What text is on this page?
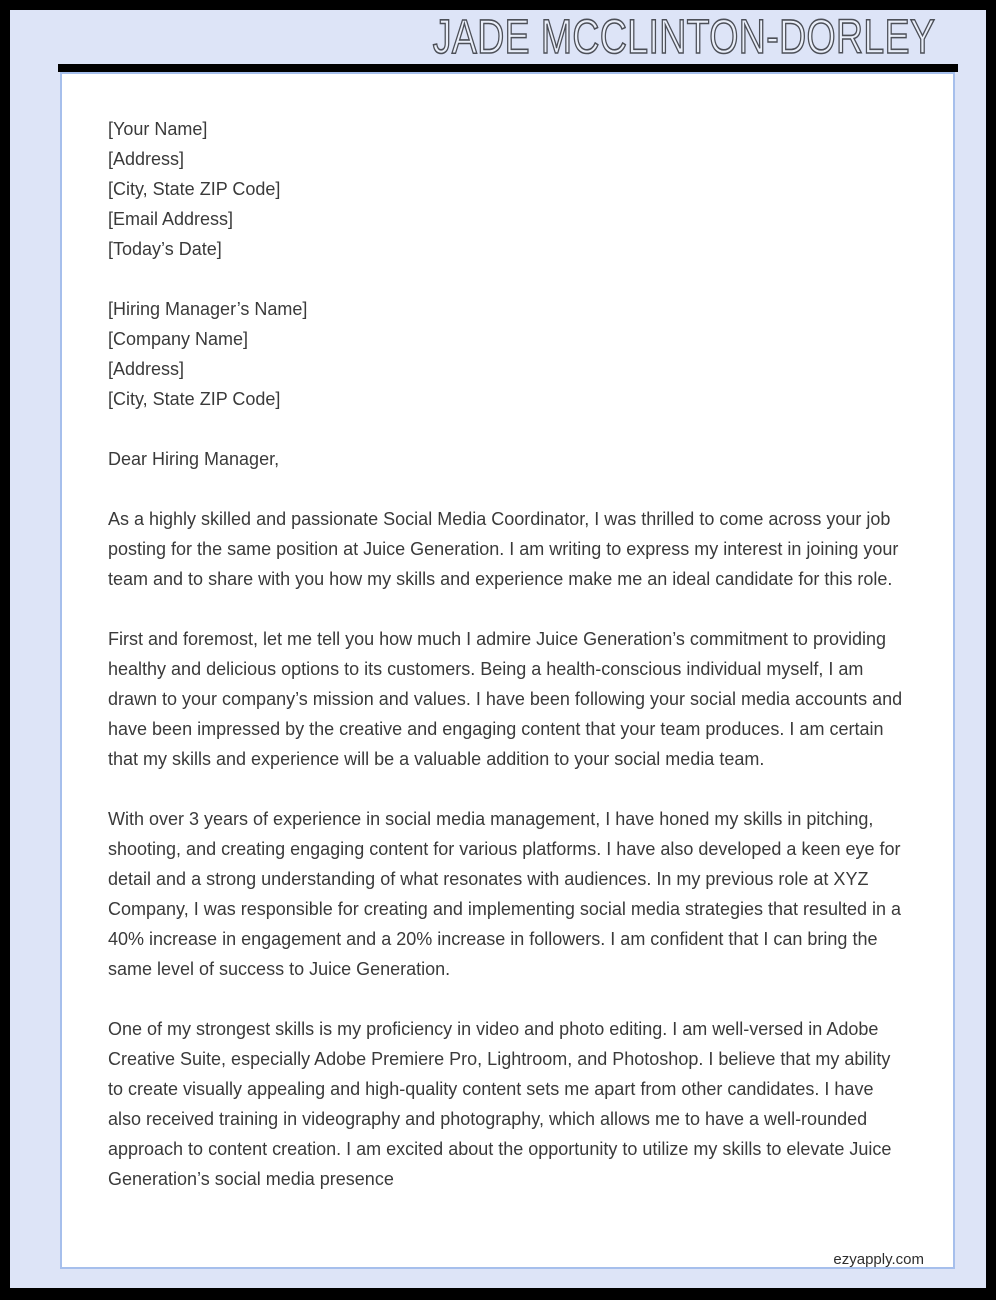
JADE MCCLINTON-DORLEY
[Your Name]
[Address]
[City, State ZIP Code]
[Email Address]
[Today’s Date]
[Hiring Manager’s Name]
[Company Name]
[Address]
[City, State ZIP Code]
Dear Hiring Manager,

As a highly skilled and passionate Social Media Coordinator, I was thrilled to come across your job posting for the same position at Juice Generation. I am writing to express my interest in joining your team and to share with you how my skills and experience make me an ideal candidate for this role.

First and foremost, let me tell you how much I admire Juice Generation’s commitment to providing healthy and delicious options to its customers. Being a health-conscious individual myself, I am drawn to your company’s mission and values. I have been following your social media accounts and have been impressed by the creative and engaging content that your team produces. I am certain that my skills and experience will be a valuable addition to your social media team.

With over 3 years of experience in social media management, I have honed my skills in pitching, shooting, and creating engaging content for various platforms. I have also developed a keen eye for detail and a strong understanding of what resonates with audiences. In my previous role at XYZ Company, I was responsible for creating and implementing social media strategies that resulted in a 40% increase in engagement and a 20% increase in followers. I am confident that I can bring the same level of success to Juice Generation.

One of my strongest skills is my proficiency in video and photo editing. I am well-versed in Adobe Creative Suite, especially Adobe Premiere Pro, Lightroom, and Photoshop. I believe that my ability to create visually appealing and high-quality content sets me apart from other candidates. I have also received training in videography and photography, which allows me to have a well-rounded approach to content creation. I am excited about the opportunity to utilize my skills to elevate Juice Generation’s social media presence

ezyapply.com
